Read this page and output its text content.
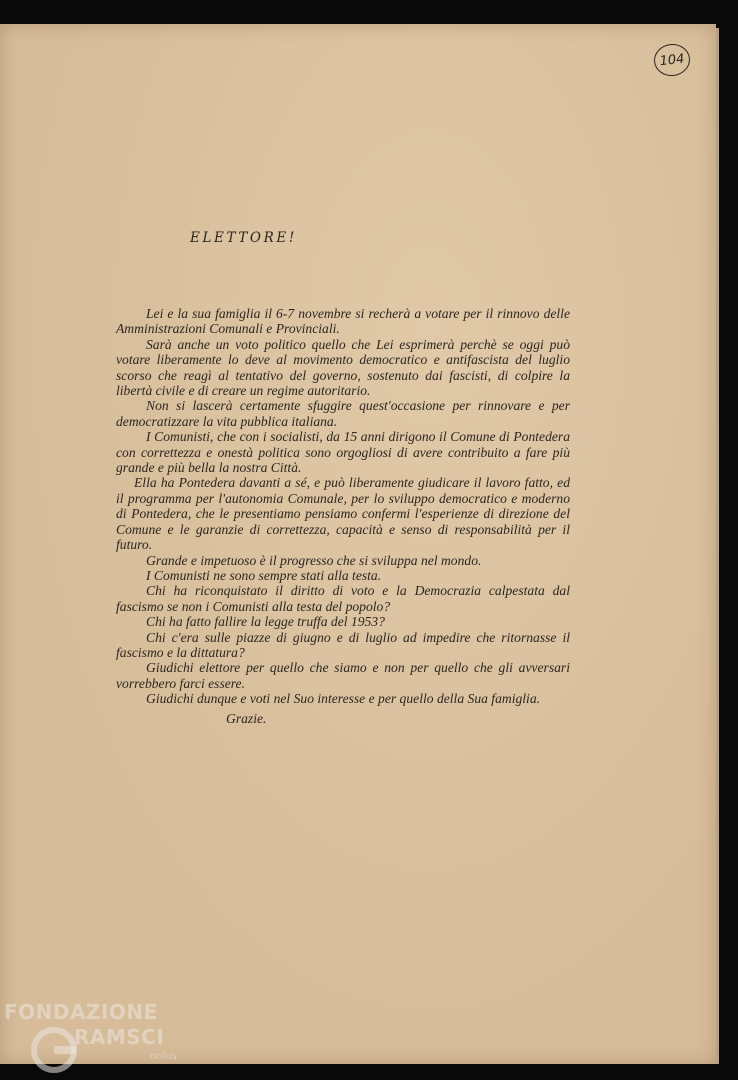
104
ELETTORE!

Lei e la sua famiglia il 6-7 novembre si recherà a votare per il rinnovo delle Amministrazioni Comunali e Provinciali.

Sarà anche un voto politico quello che Lei esprimerà perchè se oggi può votare liberamente lo deve al movimento democratico e antifascista del luglio scorso che reagì al tentativo del governo, sostenuto dai fascisti, di colpire la libertà civile e di creare un regime autoritario.

Non si lascerà certamente sfuggire quest'occasione per rinnovare e per democratizzare la vita pubblica italiana.

I Comunisti, che con i socialisti, da 15 anni dirigono il Comune di Pontedera con correttezza e onestà politica sono orgogliosi di avere contribuito a fare più grande e più bella la nostra Città.

Ella ha Pontedera davanti a sé, e può liberamente giudicare il lavoro fatto, ed il programma per l'autonomia Comunale, per lo sviluppo democratico e moderno di Pontedera, che le presentiamo pensiamo confermi l'esperienze di direzione del Comune e le garanzie di correttezza, capacità e senso di responsabilità per il futuro.

Grande e impetuoso è il progresso che si sviluppa nel mondo.

I Comunisti ne sono sempre stati alla testa.

Chi ha riconquistato il diritto di voto e la Democrazia calpestata dal fascismo se non i Comunisti alla testa del popolo?

Chi ha fatto fallire la legge truffa del 1953?

Chi c'era sulle piazze di giugno e di luglio ad impedire che ritornasse il fascismo e la dittatura?

Giudichi elettore per quello che siamo e non per quello che gli avversari vorrebbero farci essere.

Giudichi dunque e voti nel Suo interesse e per quello della Sua famiglia.

Grazie.
FONDAZIONE
RAMSCI
onlus
